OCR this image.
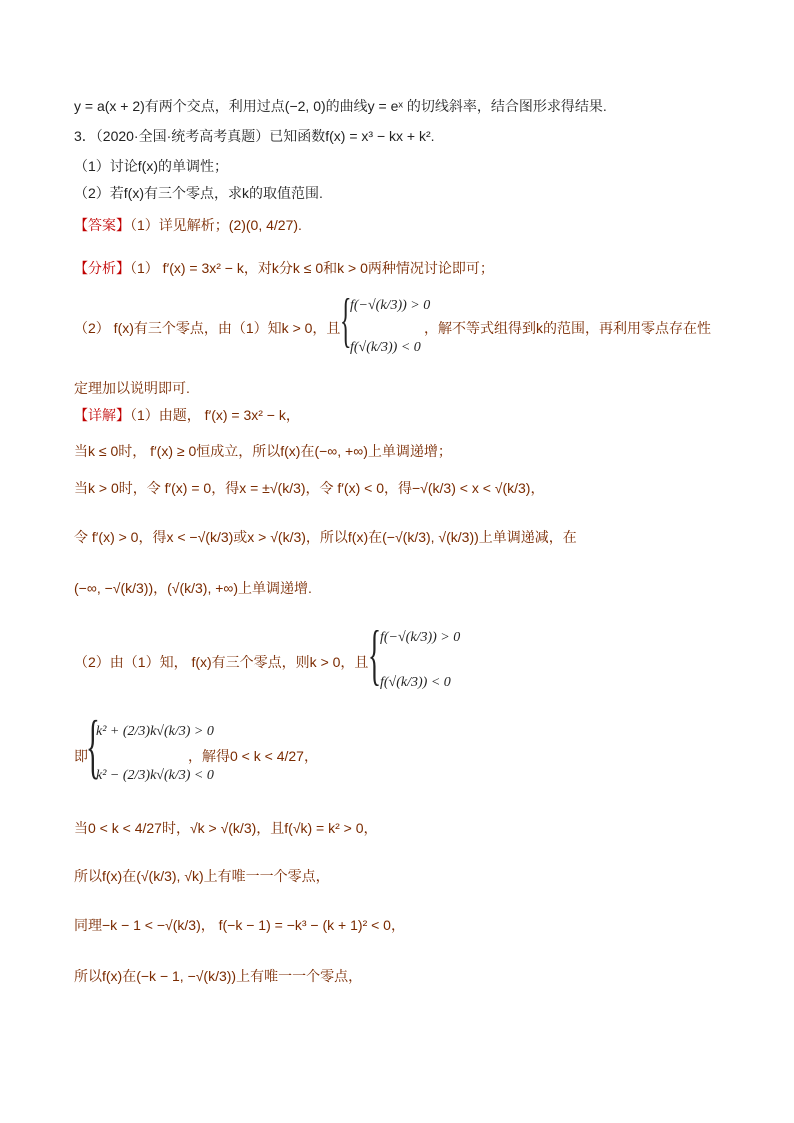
y = a(x + 2)有两个交点，利用过点(−2, 0)的曲线y = eˣ 的切线斜率，结合图形求得结果.
3．（2020·全国·统考高考真题）已知函数f(x) = x³ − kx + k².
（1）讨论f(x)的单调性；
（2）若f(x)有三个零点，求k的取值范围.
【答案】（1）详见解析；(2)(0, 4/27).
【分析】（1） f′(x) = 3x² − k，对k分k ≤ 0和k > 0两种情况讨论即可；
（2） f(x)有三个零点，由（1）知k > 0，且 {
f(−√(k/3)) > 0
f(√(k/3)) < 0
，解不等式组得到k的范围，再利用零点存在性
定理加以说明即可.
【详解】（1）由题， f′(x) = 3x² − k，
当k ≤ 0时， f′(x) ≥ 0恒成立，所以f(x)在(−∞, +∞)上单调递增；
当k > 0时，令 f′(x) = 0，得x = ±√(k/3)，令 f′(x) < 0，得−√(k/3) < x < √(k/3)，
令 f′(x) > 0，得x < −√(k/3)或x > √(k/3)，所以f(x)在(−√(k/3), √(k/3))上单调递减，在
(−∞, −√(k/3))，(√(k/3), +∞)上单调递增.
（2）由（1）知， f(x)有三个零点，则k > 0，且 {
f(−√(k/3)) > 0
f(√(k/3)) < 0
即
{
k² + (2/3)k√(k/3) > 0
k² − (2/3)k√(k/3) < 0
，解得0 < k < 4/27，
当0 < k < 4/27时，√k > √(k/3)，且f(√k) = k² > 0，
所以f(x)在(√(k/3), √k)上有唯一一个零点，
同理−k − 1 < −√(k/3)， f(−k − 1) = −k³ − (k + 1)² < 0，
所以f(x)在(−k − 1, −√(k/3))上有唯一一个零点，
